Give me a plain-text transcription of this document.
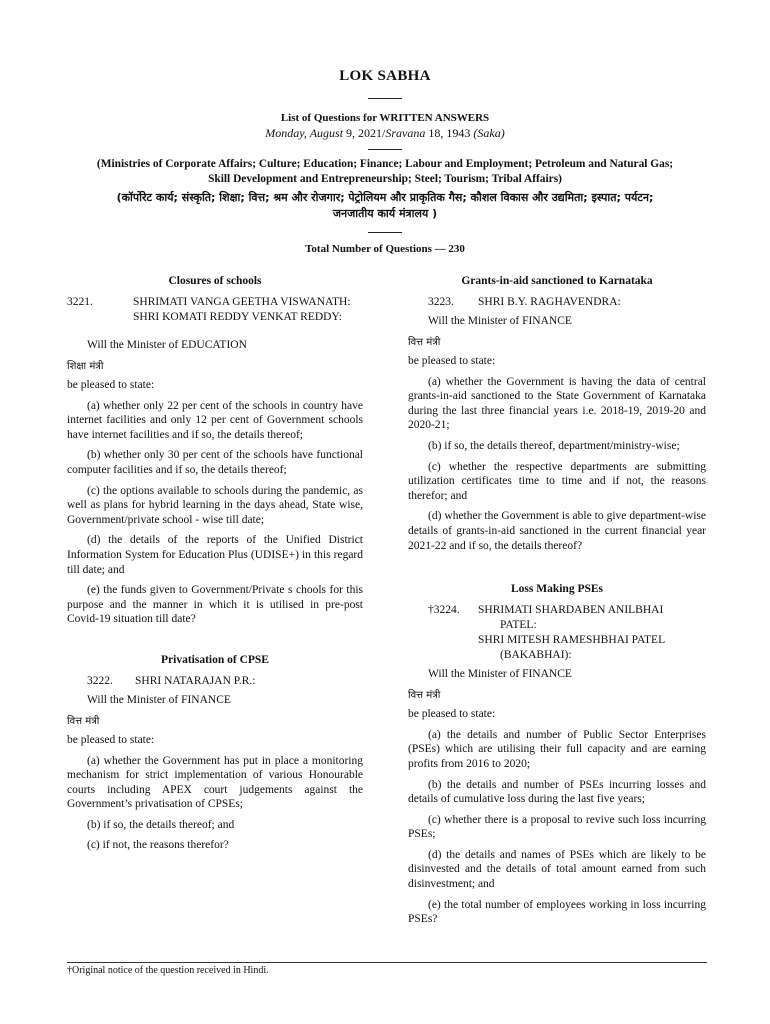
LOK SABHA
List of Questions for WRITTEN ANSWERS
Monday, August 9, 2021/Sravana 18, 1943 (Saka)
(Ministries of Corporate Affairs; Culture; Education; Finance; Labour and Employment; Petroleum and Natural Gas;
Skill Development and Entrepreneurship; Steel; Tourism; Tribal Affairs)
(कॉर्पोरेट कार्य; संस्कृति; शिक्षा; वित्त; श्रम और रोजगार; पेट्रोलियम और प्राकृतिक गैस; कौशल विकास और उद्यमिता; इस्पात; पर्यटन;
जनजातीय कार्य मंत्रालय )
Total Number of Questions — 230

Closures of schools

3221.	SHRIMATI VANGA GEETHA VISWANATH:
SHRI KOMATI REDDY VENKAT REDDY:
Will the Minister of EDUCATION

शिक्षा मंत्री

be pleased to state:

(a) whether only 22 per cent of the schools in country have internet facilities and only 12 per cent of Government schools have internet facilities and if so, the details thereof;

(b) whether only 30 per cent of the schools have functional computer facilities and if so, the details thereof;

(c) the options available to schools during the pandemic, as well as plans for hybrid learning in the days ahead, State wise, Government/private school - wise till date;

(d) the details of the reports of the Unified District Information System for Education Plus (UDISE+) in this regard till date; and

(e) the funds given to Government/Private s chools for this purpose and the manner in which it is utilised in pre-post Covid-19 situation till date?

Privatisation of CPSE

3222. SHRI NATARAJAN P.R.:
Will the Minister of FINANCE

वित्त मंत्री

be pleased to state:

(a) whether the Government has put in place a monitoring mechanism for strict implementation of various Honourable courts including APEX court judgements against the Government’s privatisation of CPSEs;

(b) if so, the details thereof; and

(c) if not, the reasons therefor?

Grants-in-aid sanctioned to Karnataka

3223. SHRI B.Y. RAGHAVENDRA:
Will the Minister of FINANCE

वित्त मंत्री

be pleased to state:

(a) whether the Government is having the data of central grants-in-aid sanctioned to the State Government of Karnataka during the last three financial years i.e. 2018-19, 2019-20 and 2020-21;

(b) if so, the details thereof, department/ministry-wise;

(c) whether the respective departments are submitting utilization certificates time to time and if not, the reasons therefor; and

(d) whether the Government is able to give department-wise details of grants-in-aid sanctioned in the current financial year 2021-22 and if so, the details thereof?

Loss Making PSEs

†3224. SHRIMATI SHARDABEN ANILBHAI
PATEL:
SHRI MITESH RAMESHBHAI PATEL
(BAKABHAI):
Will the Minister of FINANCE

वित्त मंत्री

be pleased to state:

(a) the details and number of Public Sector Enterprises (PSEs) which are utilising their full capacity and are earning profits from 2016 to 2020;

(b) the details and number of PSEs incurring losses and details of cumulative loss during the last five years;

(c) whether there is a proposal to revive such loss incurring PSEs;

(d) the details and names of PSEs which are likely to be disinvested and the details of total amount earned from such disinvestment; and

(e) the total number of employees working in loss incurring PSEs?

†Original notice of the question received in Hindi.
